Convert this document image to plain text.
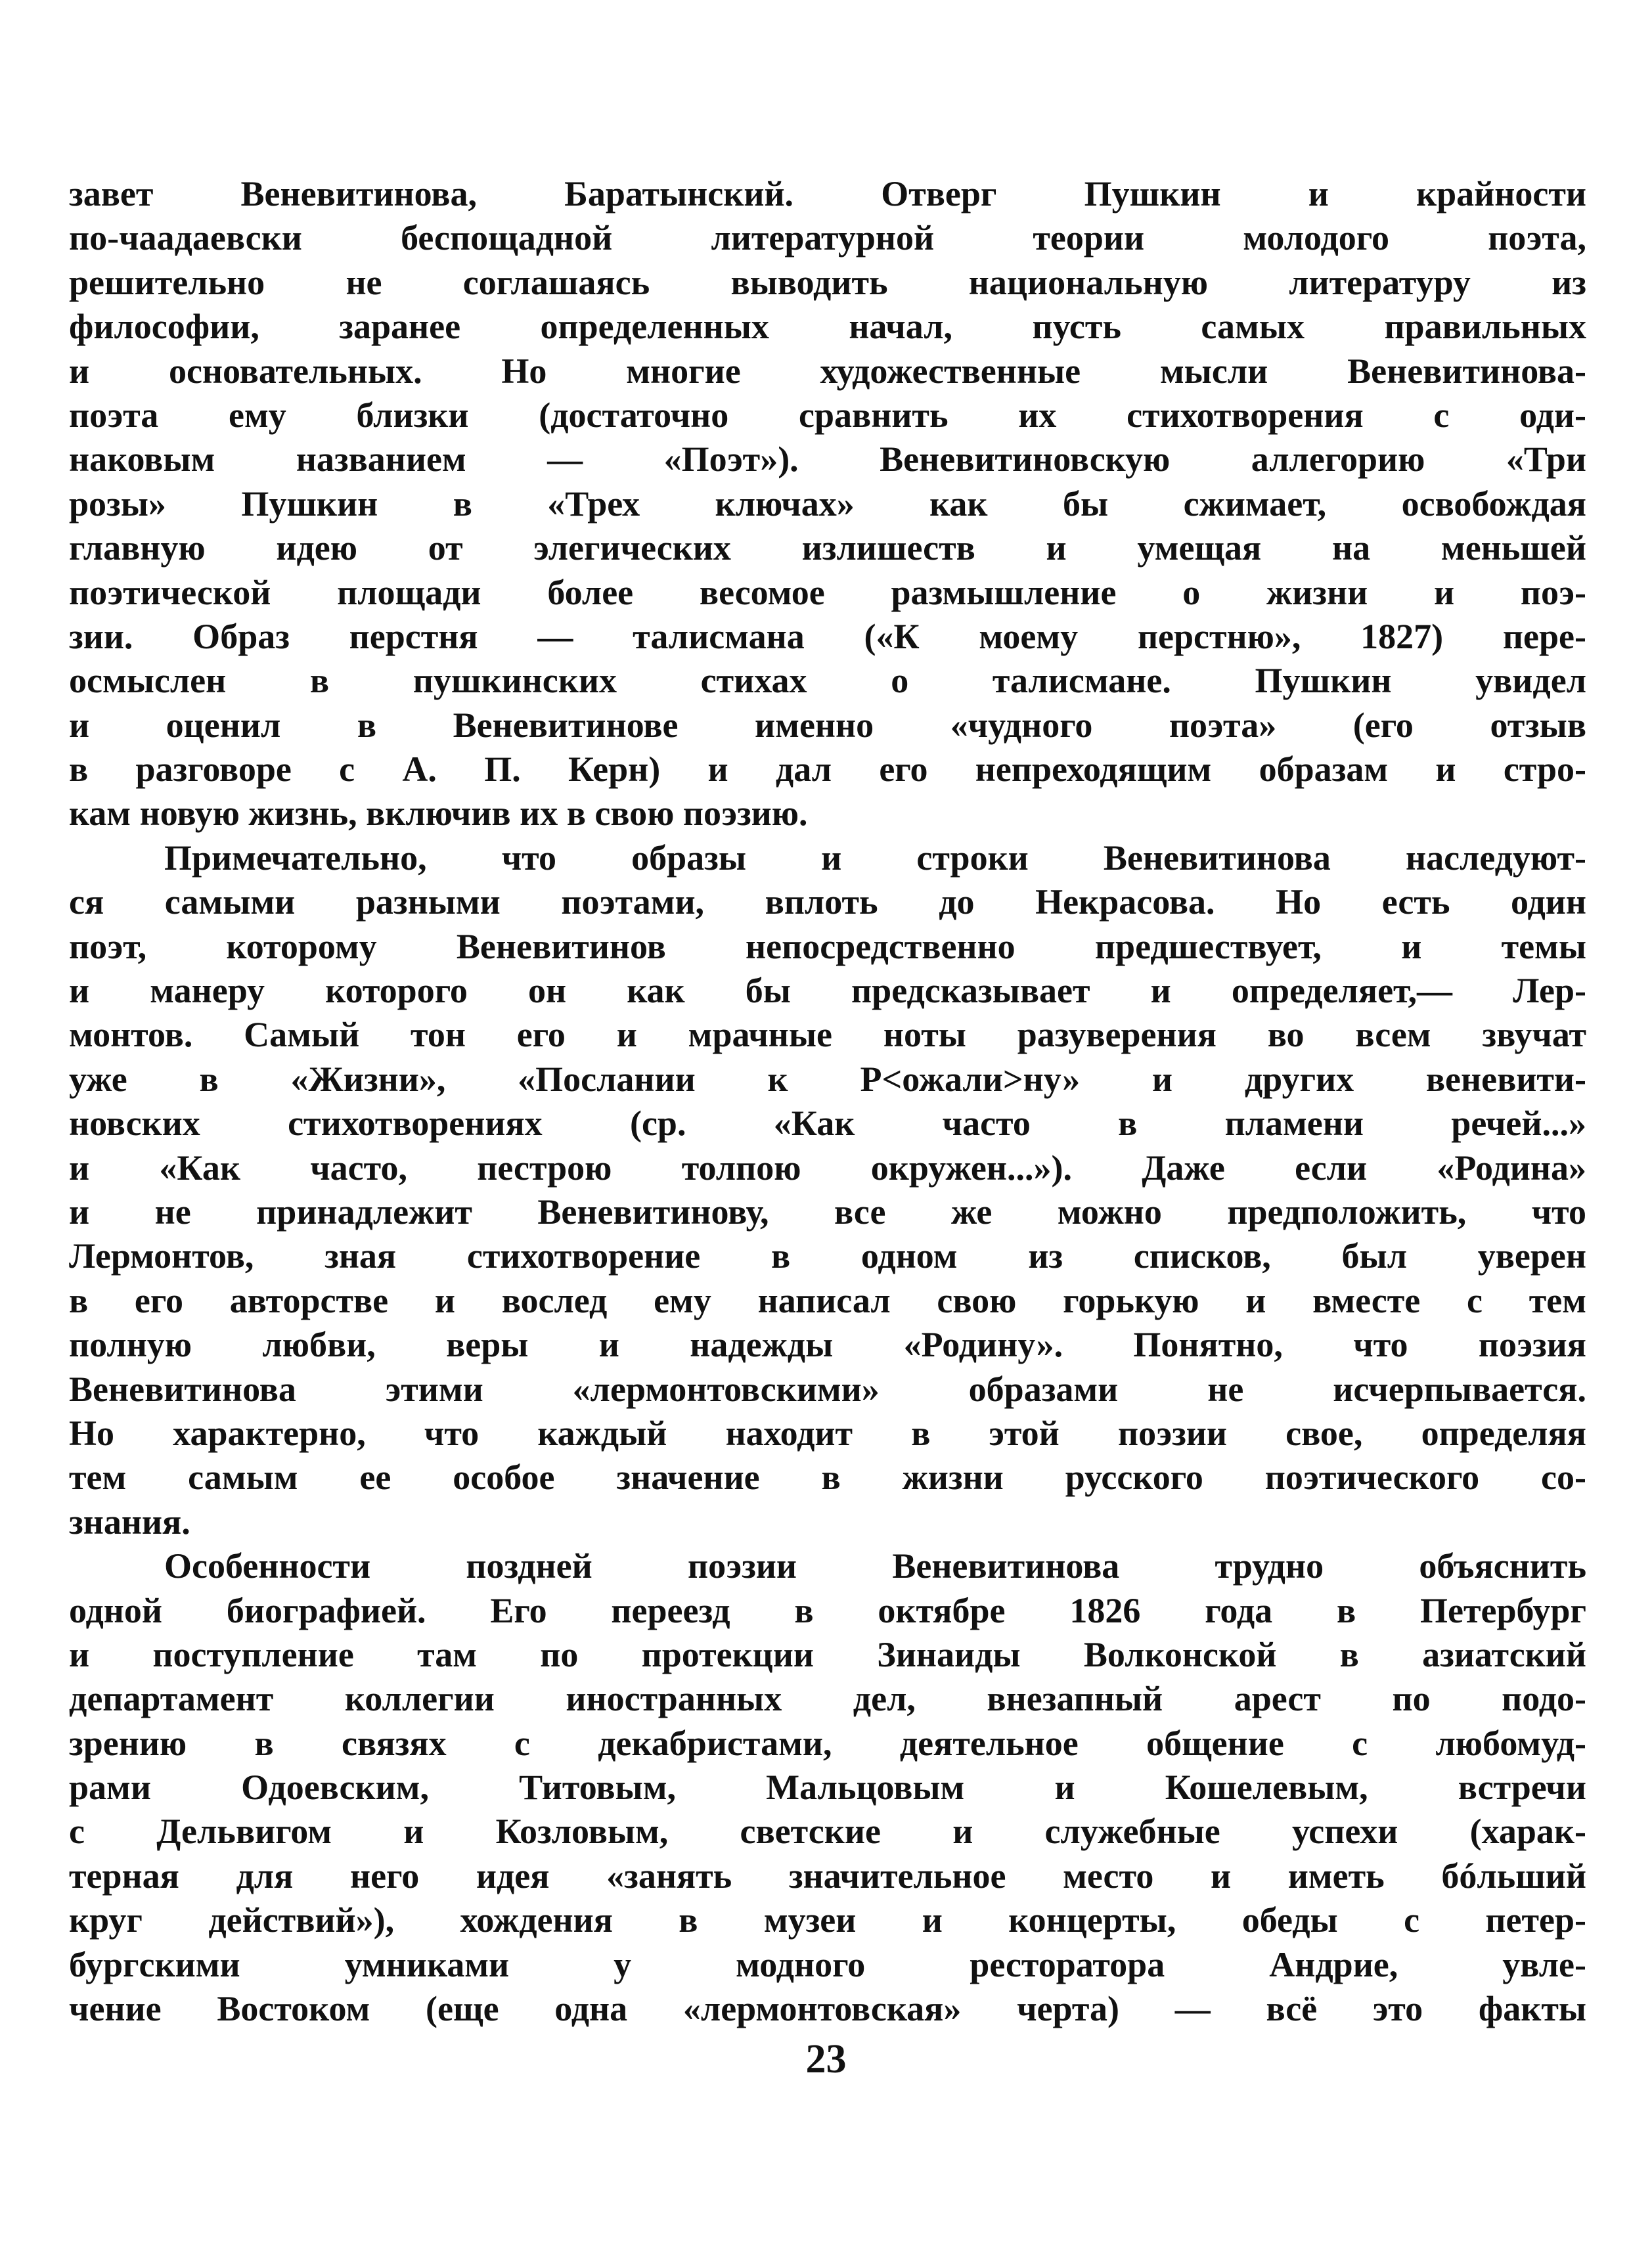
завет Веневитинова, Баратынский. Отверг Пушкин и крайности
по-чаадаевски беспощадной литературной теории молодого поэта,
решительно не соглашаясь выводить национальную литературу из
философии, заранее определенных начал, пусть самых правильных
и основательных. Но многие художественные мысли Веневитинова-
поэта ему близки (достаточно сравнить их стихотворения с оди-
наковым названием — «Поэт»). Веневитиновскую аллегорию «Три
розы» Пушкин в «Трех ключах» как бы сжимает, освобождая
главную идею от элегических излишеств и умещая на меньшей
поэтической площади более весомое размышление о жизни и поэ-
зии. Образ перстня — талисмана («К моему перстню», 1827) пере-
осмыслен в пушкинских стихах о талисмане. Пушкин увидел
и оценил в Веневитинове именно «чудного поэта» (его отзыв
в разговоре с А. П. Керн) и дал его непреходящим образам и стро-
кам новую жизнь, включив их в свою поэзию.
Примечательно, что образы и строки Веневитинова наследуют-
ся самыми разными поэтами, вплоть до Некрасова. Но есть один
поэт, которому Веневитинов непосредственно предшествует, и темы
и манеру которого он как бы предсказывает и определяет,— Лер-
монтов. Самый тон его и мрачные ноты разуверения во всем звучат
уже в «Жизни», «Послании к Р<ожали>ну» и других веневити-
новских стихотворениях (ср. «Как часто в пламени речей...»
и «Как часто, пестрою толпою окружен...»). Даже если «Родина»
и не принадлежит Веневитинову, все же можно предположить, что
Лермонтов, зная стихотворение в одном из списков, был уверен
в его авторстве и вослед ему написал свою горькую и вместе с тем
полную любви, веры и надежды «Родину». Понятно, что поэзия
Веневитинова этими «лермонтовскими» образами не исчерпывается.
Но характерно, что каждый находит в этой поэзии свое, определяя
тем самым ее особое значение в жизни русского поэтического со-
знания.
Особенности поздней поэзии Веневитинова трудно объяснить
одной биографией. Его переезд в октябре 1826 года в Петербург
и поступление там по протекции Зинаиды Волконской в азиатский
департамент коллегии иностранных дел, внезапный арест по подо-
зрению в связях с декабристами, деятельное общение с любомуд-
рами Одоевским, Титовым, Мальцовым и Кошелевым, встречи
с Дельвигом и Козловым, светские и служебные успехи (харак-
терная для него идея «занять значительное место и иметь бóльший
круг действий»), хождения в музеи и концерты, обеды с петер-
бургскими умниками у модного ресторатора Андрие, увле-
чение Востоком (еще одна «лермонтовская» черта) — всё это факты
23
